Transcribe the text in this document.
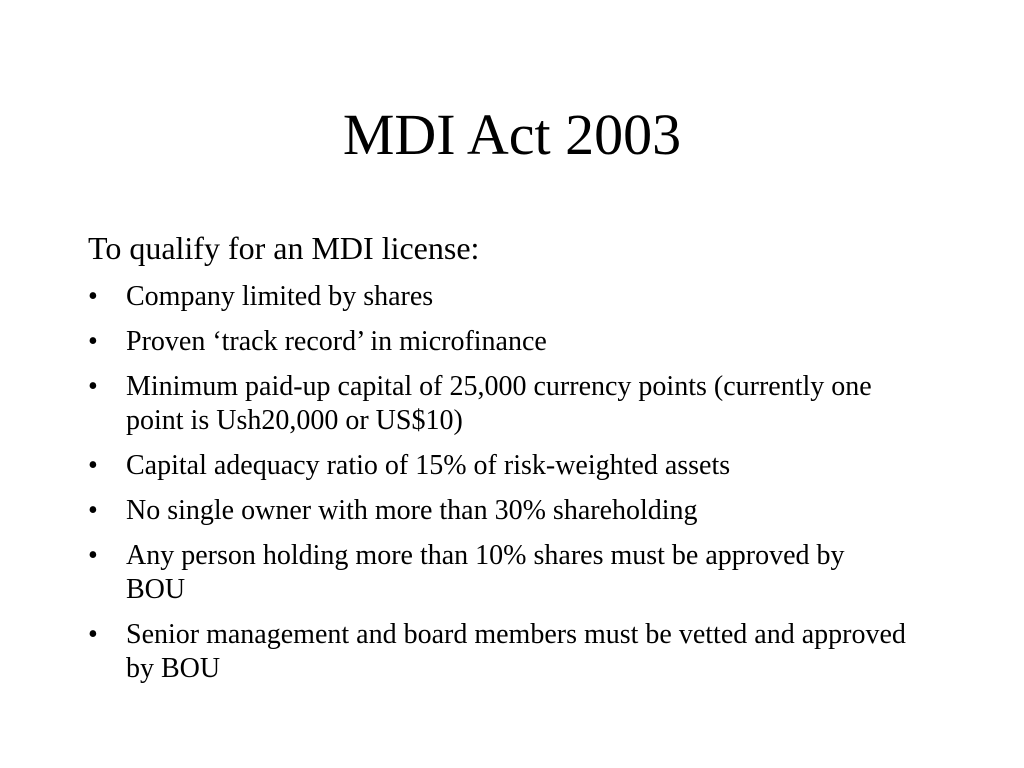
MDI Act 2003

To qualify for an MDI license:

•	Company limited by shares
•	Proven ‘track record’ in microfinance
•	Minimum paid-up capital of 25,000 currency points (currently one point is Ush20,000 or US$10)
•	Capital adequacy ratio of 15% of risk-weighted assets
•	No single owner with more than 30% shareholding
•	Any person holding more than 10% shares must be approved by BOU
•	Senior management and board members must be vetted and approved by BOU
